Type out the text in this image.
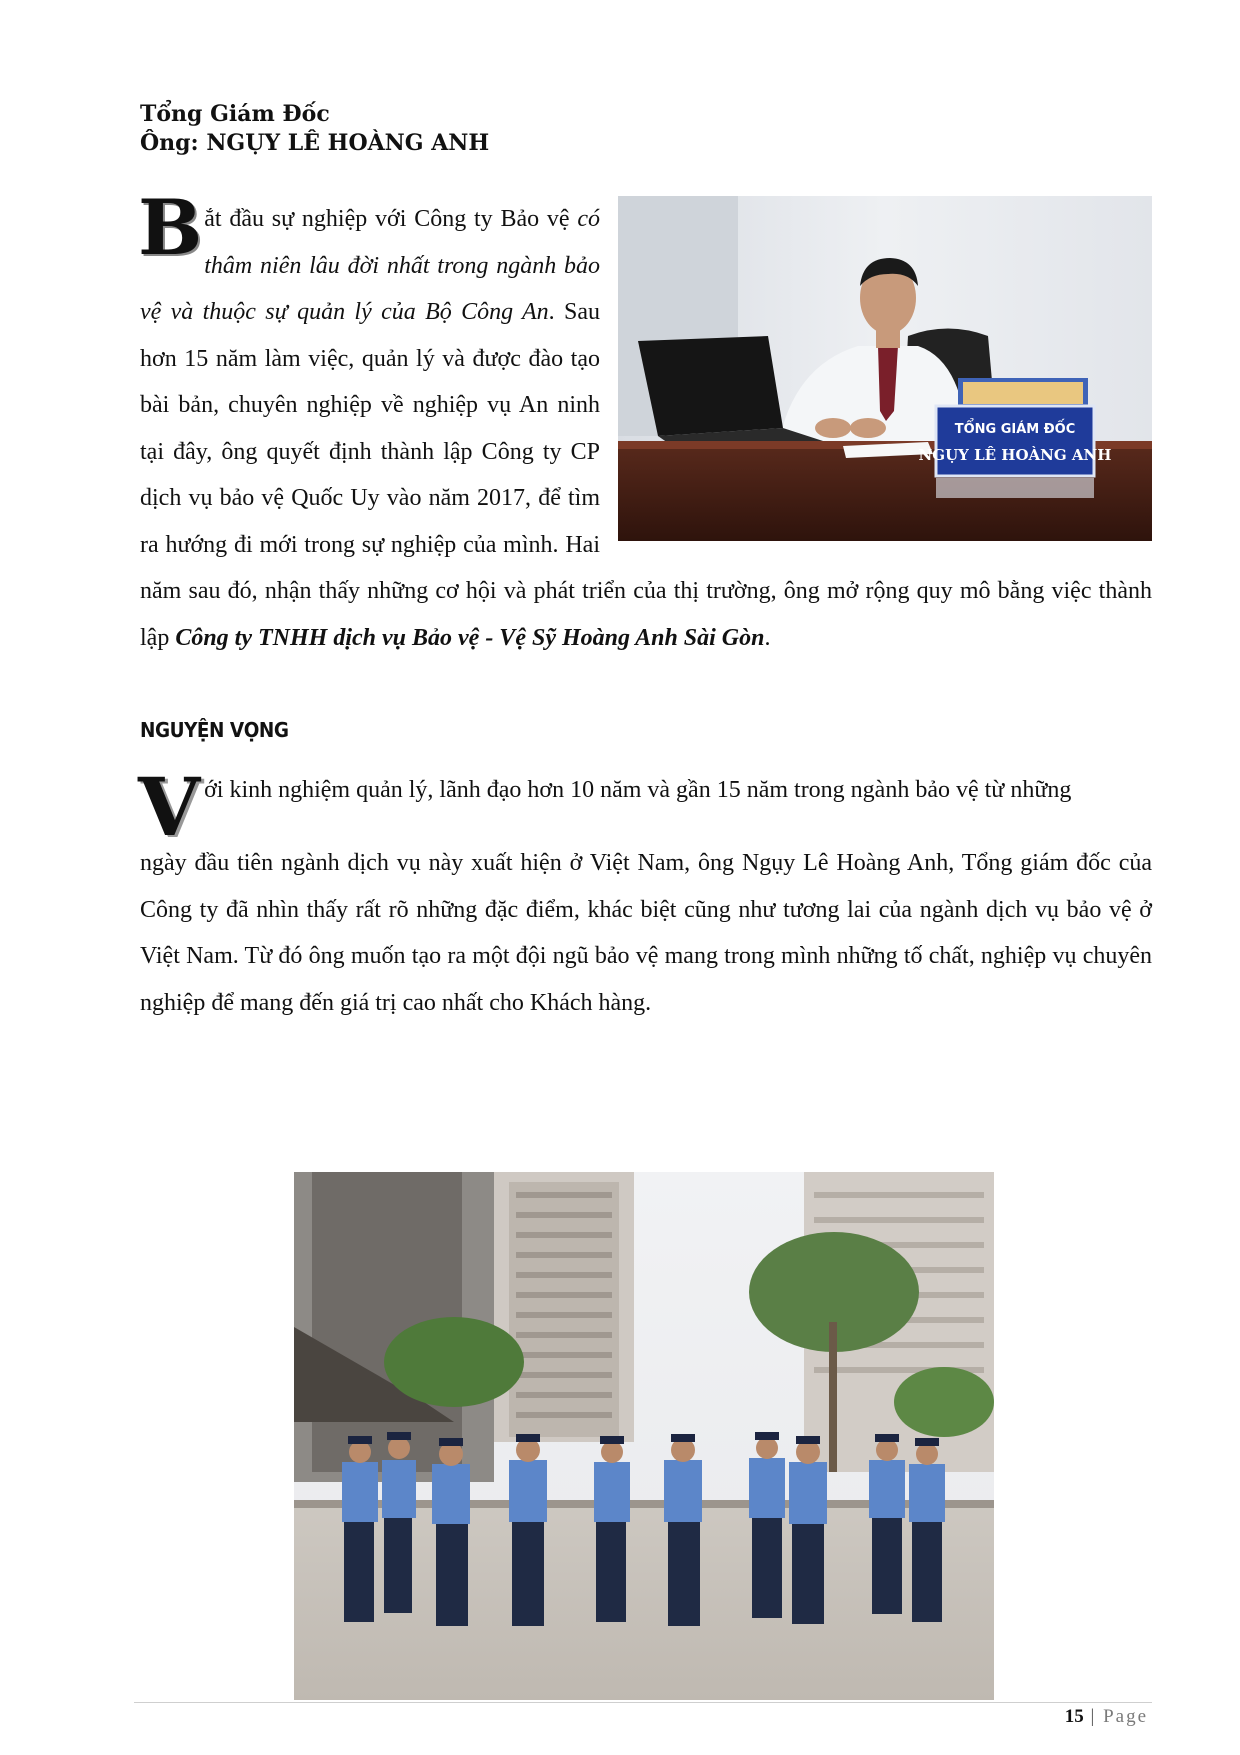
Tổng Giám Đốc
Ông: NGỤY LÊ HOÀNG ANH
TỔNG GIÁM ĐỐC
NGỤY LÊ HOÀNG ANH
B ắt đầu sự nghiệp với Công ty Bảo vệ có thâm niên lâu đời nhất trong ngành bảo vệ và thuộc sự quản lý của Bộ Công An. Sau hơn 15 năm làm việc, quản lý và được đào tạo bài bản, chuyên nghiệp về nghiệp vụ An ninh tại đây, ông quyết định thành lập Công ty CP dịch vụ bảo vệ Quốc Uy vào năm 2017, để tìm ra hướng đi mới trong sự nghiệp của mình. Hai năm sau đó, nhận thấy những cơ hội và phát triển của thị trường, ông mở rộng quy mô bằng việc thành lập Công ty TNHH dịch vụ Bảo vệ - Vệ Sỹ Hoàng Anh Sài Gòn.
NGUYỆN VỌNG
V ới kinh nghiệm quản lý, lãnh đạo hơn 10 năm và gần 15 năm trong ngành bảo vệ từ những
ngày đầu tiên ngành dịch vụ này xuất hiện ở Việt Nam, ông Ngụy Lê Hoàng Anh, Tổng giám đốc của Công ty đã nhìn thấy rất rõ những đặc điểm, khác biệt cũng như tương lai của ngành dịch vụ bảo vệ ở Việt Nam. Từ đó ông muốn tạo ra một đội ngũ bảo vệ mang trong mình những tố chất, nghiệp vụ chuyên nghiệp để mang đến giá trị cao nhất cho Khách hàng.
15 | Page
